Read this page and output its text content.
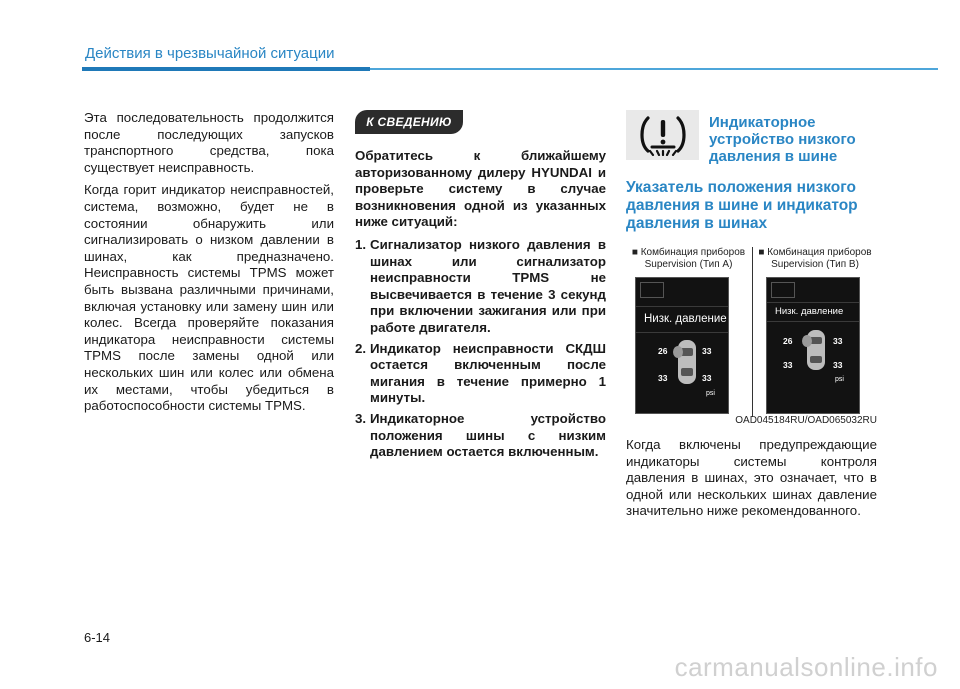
Действия в чрезвычайной ситуации

Эта последовательность продолжится после последующих запусков транспортного средства, пока существует неисправность.

Когда горит индикатор неисправностей, система, возможно, будет не в состоянии обнаружить или сигнализировать о низком давлении в шинах, как предназначено. Неисправность системы TPMS может быть вызвана различными причинами, включая установку или замену шин или колес. Всегда проверяйте показания индикатора неисправности системы TPMS после замены одной или нескольких шин или колес или обмена их местами, чтобы убедиться в работоспособности системы TPMS.

К СВЕДЕНИЮ

Обратитесь к ближайшему авторизованному дилеру HYUNDAI и проверьте систему в случае возникновения одной из указанных ниже ситуаций:

1. Сигнализатор низкого давления в шинах или сигнализатор неисправности TPMS не высвечивается в течение 3 секунд при включении зажигания или при работе двигателя.
2. Индикатор неисправности СКДШ остается включенным после мигания в течение примерно 1 минуты.
3. Индикаторное устройство положения шины с низким давлением остается включенным.
Индикаторное устройство низкого давления в шине
Указатель положения низкого давления в шине и индикатор давления в шинах
■ Комбинация приборов Supervision (Тип A)
■ Комбинация приборов Supervision (Тип B)
Низк. давление
26	33
33	33
psi
Низк. давление
26	33
33	33
psi
OAD045184RU/OAD065032RU

Когда включены предупреждающие индикаторы системы контроля давления в шинах, это означает, что в одной или нескольких шинах давление значительно ниже рекомендованного.

6-14
carmanualsonline.info
